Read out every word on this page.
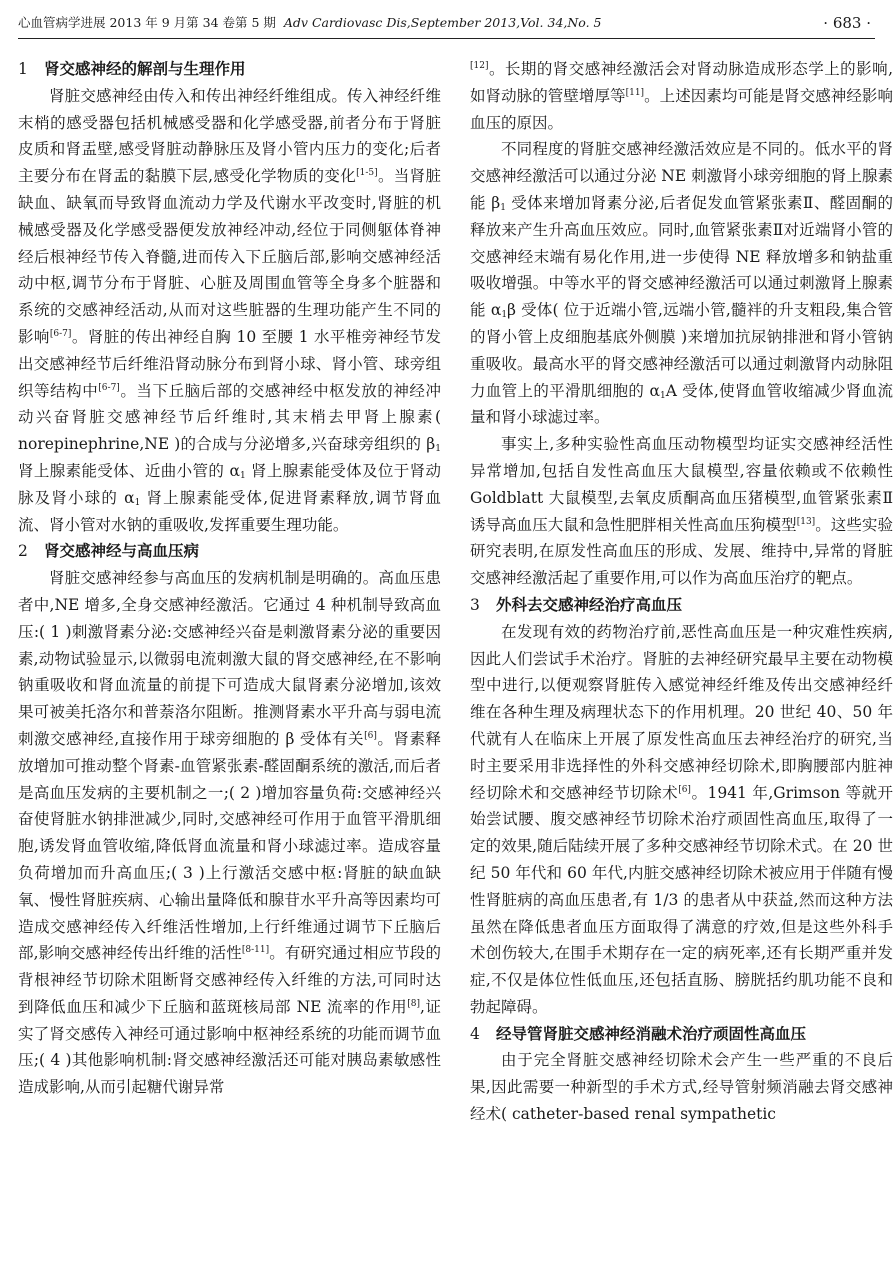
心血管病学进展 2013 年 9 月第 34 卷第 5 期 Adv Cardiovasc Dis,September 2013,Vol. 34,No. 5	· 683 ·
1 肾交感神经的解剖与生理作用

肾脏交感神经由传入和传出神经纤维组成。传入神经纤维末梢的感受器包括机械感受器和化学感受器,前者分布于肾脏皮质和肾盂壁,感受肾脏动静脉压及肾小管内压力的变化;后者主要分布在肾盂的黏膜下层,感受化学物质的变化[1-5]。当肾脏缺血、缺氧而导致肾血流动力学及代谢水平改变时,肾脏的机械感受器及化学感受器便发放神经冲动,经位于同侧躯体脊神经后根神经节传入脊髓,进而传入下丘脑后部,影响交感神经活动中枢,调节分布于肾脏、心脏及周围血管等全身多个脏器和系统的交感神经活动,从而对这些脏器的生理功能产生不同的影响[6-7]。肾脏的传出神经自胸 10 至腰 1 水平椎旁神经节发出交感神经节后纤维沿肾动脉分布到肾小球、肾小管、球旁组织等结构中[6-7]。当下丘脑后部的交感神经中枢发放的神经冲动兴奋肾脏交感神经节后纤维时,其末梢去甲肾上腺素( norepinephrine,NE )的合成与分泌增多,兴奋球旁组织的 $\beta_1$ 肾上腺素能受体、近曲小管的 $\alpha_1$ 肾上腺素能受体及位于肾动脉及肾小球的 $\alpha_1$ 肾上腺素能受体,促进肾素释放,调节肾血流、肾小管对水钠的重吸收,发挥重要生理功能。

2 肾交感神经与高血压病

肾脏交感神经参与高血压的发病机制是明确的。高血压患者中,NE 增多,全身交感神经激活。它通过 4 种机制导致高血压:( 1 )刺激肾素分泌:交感神经兴奋是刺激肾素分泌的重要因素,动物试验显示,以微弱电流刺激大鼠的肾交感神经,在不影响钠重吸收和肾血流量的前提下可造成大鼠肾素分泌增加,该效果可被美托洛尔和普萘洛尔阻断。推测肾素水平升高与弱电流刺激交感神经,直接作用于球旁细胞的 β 受体有关[6]。肾素释放增加可推动整个肾素-血管紧张素-醛固酮系统的激活,而后者是高血压发病的主要机制之一;( 2 )增加容量负荷:交感神经兴奋使肾脏水钠排泄减少,同时,交感神经可作用于血管平滑肌细胞,诱发肾血管收缩,降低肾血流量和肾小球滤过率。造成容量负荷增加而升高血压;( 3 )上行激活交感中枢:肾脏的缺血缺氧、慢性肾脏疾病、心输出量降低和腺苷水平升高等因素均可造成交感神经传入纤维活性增加,上行纤维通过调节下丘脑后部,影响交感神经传出纤维的活性[8-11]。有研究通过相应节段的背根神经节切除术阻断肾交感神经传入纤维的方法,可同时达到降低血压和减少下丘脑和蓝斑核局部 NE 流率的作用[8],证实了肾交感传入神经可通过影响中枢神经系统的功能而调节血压;( 4 )其他影响机制:肾交感神经激活还可能对胰岛素敏感性造成影响,从而引起糖代谢异常

[12]。长期的肾交感神经激活会对肾动脉造成形态学上的影响,如肾动脉的管壁增厚等[11]。上述因素均可能是肾交感神经影响血压的原因。

不同程度的肾脏交感神经激活效应是不同的。低水平的肾交感神经激活可以通过分泌 NE 刺激肾小球旁细胞的肾上腺素能 $\beta_1$ 受体来增加肾素分泌,后者促发血管紧张素Ⅱ、醛固酮的释放来产生升高血压效应。同时,血管紧张素Ⅱ对近端肾小管的交感神经末端有易化作用,进一步使得 NE 释放增多和钠盐重吸收增强。中等水平的肾交感神经激活可以通过刺激肾上腺素能 $\alpha_1\beta$ 受体( 位于近端小管,远端小管,髓袢的升支粗段,集合管的肾小管上皮细胞基底外侧膜 )来增加抗尿钠排泄和肾小管钠重吸收。最高水平的肾交感神经激活可以通过刺激肾内动脉阻力血管上的平滑肌细胞的 $\alpha_1A$ 受体,使肾血管收缩减少肾血流量和肾小球滤过率。

事实上,多种实验性高血压动物模型均证实交感神经活性异常增加,包括自发性高血压大鼠模型,容量依赖或不依赖性 Goldblatt 大鼠模型,去氧皮质酮高血压猪模型,血管紧张素Ⅱ诱导高血压大鼠和急性肥胖相关性高血压狗模型[13]。这些实验研究表明,在原发性高血压的形成、发展、维持中,异常的肾脏交感神经激活起了重要作用,可以作为高血压治疗的靶点。

3 外科去交感神经治疗高血压

在发现有效的药物治疗前,恶性高血压是一种灾难性疾病,因此人们尝试手术治疗。肾脏的去神经研究最早主要在动物模型中进行,以便观察肾脏传入感觉神经纤维及传出交感神经纤维在各种生理及病理状态下的作用机理。20 世纪 40、50 年代就有人在临床上开展了原发性高血压去神经治疗的研究,当时主要采用非选择性的外科交感神经切除术,即胸腰部内脏神经切除术和交感神经节切除术[6]。1941 年,Grimson 等就开始尝试腰、腹交感神经节切除术治疗顽固性高血压,取得了一定的效果,随后陆续开展了多种交感神经节切除术式。在 20 世纪 50 年代和 60 年代,内脏交感神经切除术被应用于伴随有慢性肾脏病的高血压患者,有 1/3 的患者从中获益,然而这种方法虽然在降低患者血压方面取得了满意的疗效,但是这些外科手术创伤较大,在围手术期存在一定的病死率,还有长期严重并发症,不仅是体位性低血压,还包括直肠、膀胱括约肌功能不良和勃起障碍。

4 经导管肾脏交感神经消融术治疗顽固性高血压

由于完全肾脏交感神经切除术会产生一些严重的不良后果,因此需要一种新型的手术方式,经导管射频消融去肾交感神经术( catheter-based renal sympathetic
